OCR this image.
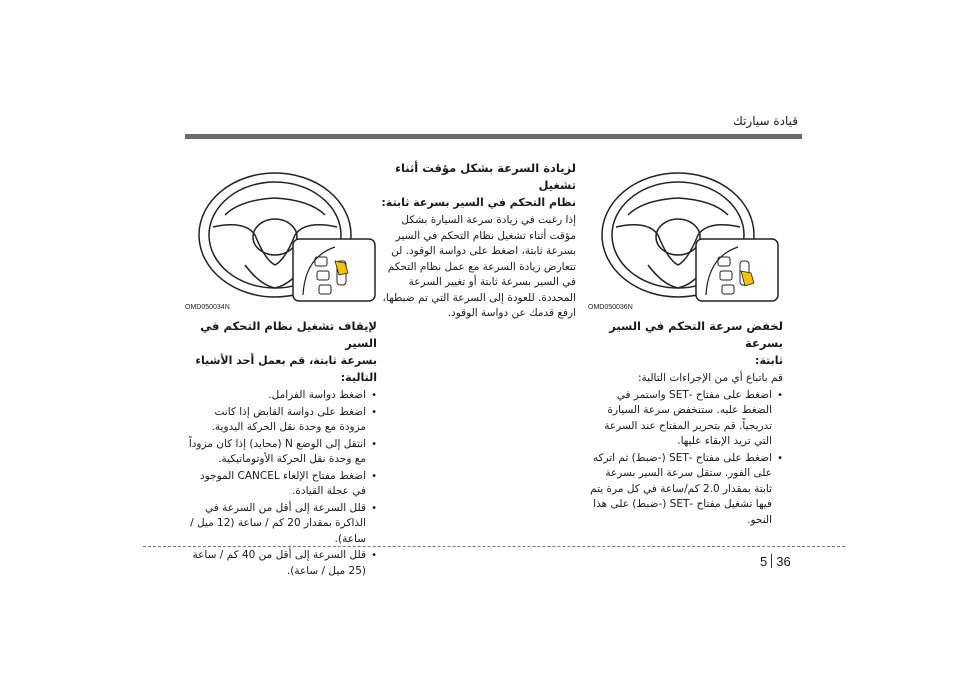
قيادة سيارتك
OMD050034N	OMD050036N

لخفض سرعة التحكم في السير بسرعة

ثابتة:

قم باتباع أي من الإجراءات التالية:

• اضغط على مفتاح -SET واستمر في الضغط عليه. ستنخفض سرعة السيارة تدريجياً. قم بتحرير المفتاح عند السرعة التي تريد الإبقاء عليها.
• اضغط على مفتاح -SET (-ضبط) ثم اتركه على الفور. ستقل سرعة السير بسرعة ثابتة بمقدار 2.0 كم/ساعة في كل مرة يتم فيها تشغيل مفتاح -SET (-ضبط) على هذا النحو.

لزيادة السرعة بشكل مؤقت أثناء تشغيل

نظام التحكم في السير بسرعة ثابتة:

إذا رغبت في زيادة سرعة السيارة بشكل مؤقت أثناء تشغيل نظام التحكم في السير بسرعة ثابتة، اضغط على دواسة الوقود. لن تتعارض زيادة السرعة مع عمل نظام التحكم في السير بسرعة ثابتة أو تغيير السرعة المحددة. للعودة إلى السرعة التي تم ضبطها، ارفع قدمك عن دواسة الوقود.

لإيقاف تشغيل نظام التحكم في السير

بسرعة ثابتة، قم بعمل أحد الأشياء التالية:

• اضغط دواسة الفرامل.
• اضغط على دواسة القابض إذا كانت مزودة مع وحدة نقل الحركة اليدوية.
• انتقل إلى الوضع N (محايد) إذا كان مزوداً مع وحدة نقل الحركة الأوتوماتيكية.
• اضغط مفتاح الإلغاء CANCEL الموجود في عجلة القيادة.
• قلل السرعة إلى أقل من السرعة في الذاكرة بمقدار 20 كم / ساعة (12 ميل / ساعة).
• قلل السرعة إلى أقل من 40 كم / ساعة (25 ميل / ساعة).
5 36
